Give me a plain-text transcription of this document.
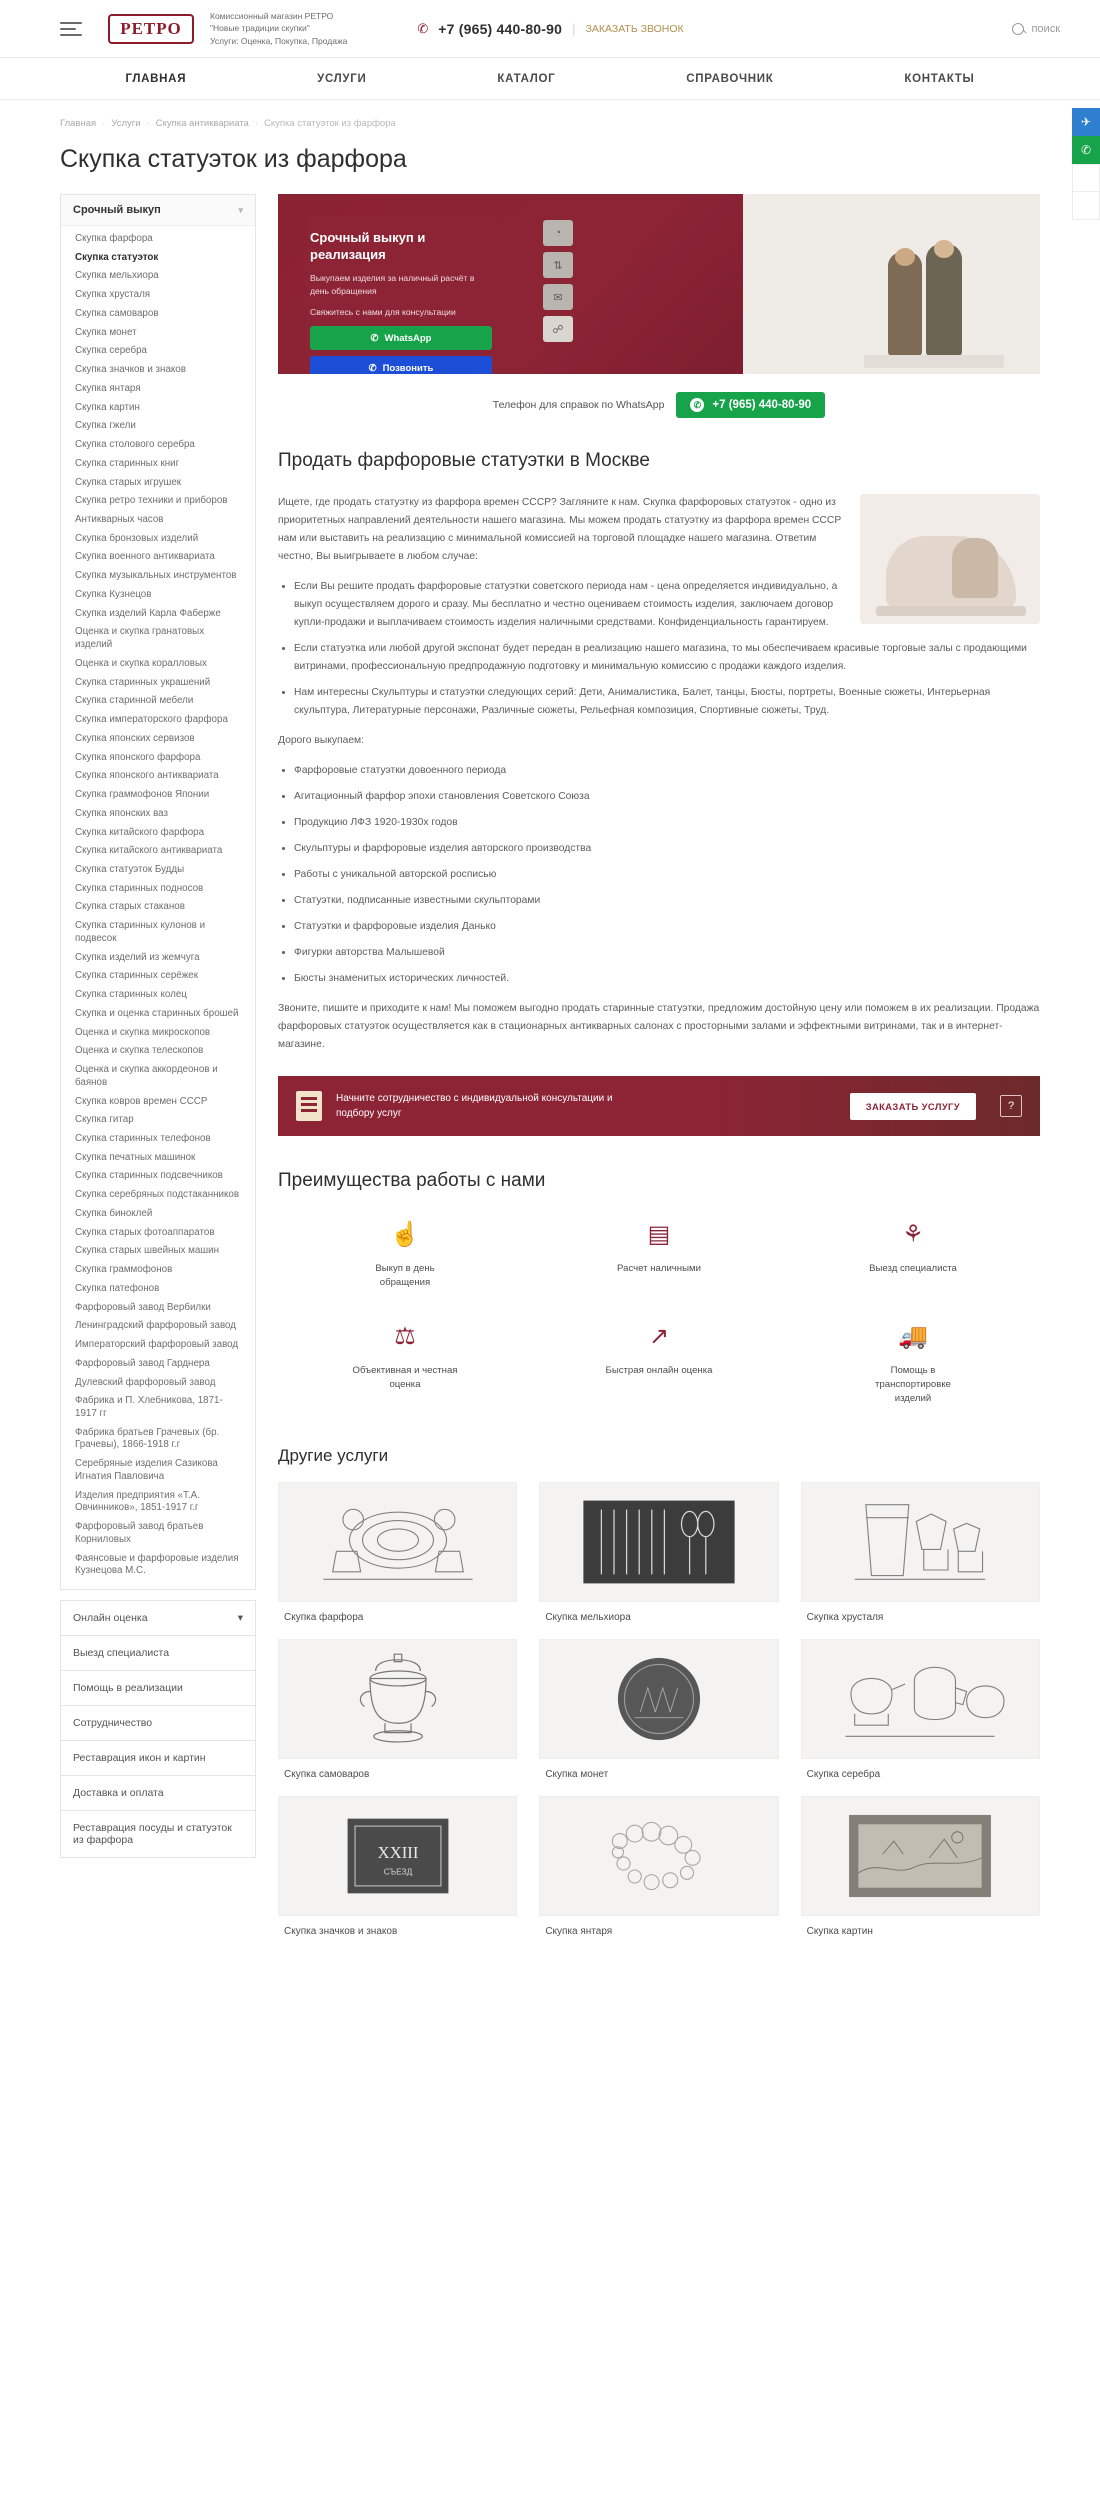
РЕТРО
Комиссионный магазин РЕТРО
"Новые традиции скупки"
Услуги: Оценка, Покупка, Продажа
✆ +7 (965) 440-80-90 | ЗАКАЗАТЬ ЗВОНОК	поиск
ГЛАВНАЯ	УСЛУГИ	КАТАЛОГ	СПРАВОЧНИК	КОНТАКТЫ
Главная · Услуги · Скупка антиквариата · Скупка статуэток из фарфора
Скупка статуэток из фарфора
Срочный выкуп	▾
Скупка фарфора
Скупка статуэток
Скупка мельхиора
Скупка хрусталя
Скупка самоваров
Скупка монет
Скупка серебра
Скупка значков и знаков
Скупка янтаря
Скупка картин
Скупка гжели
Скупка столового серебра
Скупка старинных книг
Скупка старых игрушек
Скупка ретро техники и приборов
Антикварных часов
Скупка бронзовых изделий
Скупка военного антиквариата
Скупка музыкальных инструментов
Скупка Кузнецов
Скупка изделий Карла Фаберже
Оценка и скупка гранатовых изделий
Оценка и скупка коралловых
Скупка старинных украшений
Скупка старинной мебели
Скупка императорского фарфора
Скупка японских сервизов
Скупка японского фарфора
Скупка японского антиквариата
Скупка граммофонов Японии
Скупка японских ваз
Скупка китайского фарфора
Скупка китайского антиквариата
Скупка статуэток Будды
Скупка старинных подносов
Скупка старых стаканов
Скупка старинных кулонов и подвесок
Скупка изделий из жемчуга
Скупка старинных серёжек
Скупка старинных колец
Скупка и оценка старинных брошей
Оценка и скупка микроскопов
Оценка и скупка телескопов
Оценка и скупка аккордеонов и баянов
Скупка ковров времен СССР
Скупка гитар
Скупка старинных телефонов
Скупка печатных машинок
Скупка старинных подсвечников
Скупка серебряных подстаканников
Скупка биноклей
Скупка старых фотоаппаратов
Скупка старых швейных машин
Скупка граммофонов
Скупка патефонов
Фарфоровый завод Вербилки
Ленинградский фарфоровый завод
Императорский фарфоровый завод
Фарфоровый завод Гарднера
Дулевский фарфоровый завод
Фабрика и П. Хлебникова, 1871-1917 гг
Фабрика братьев Грачевых (бр. Грачевы), 1866-1918 г.г
Серебряные изделия Сазикова Игнатия Павловича
Изделия предприятия «Т.А. Овчинников», 1851-1917 г.г
Фарфоровый завод братьев Корниловых
Фаянсовые и фарфоровые изделия Кузнецова М.С.
Онлайн оценка	▾
Выезд специалиста
Помощь в реализации
Сотрудничество
Реставрация икон и картин
Доставка и оплата
Реставрация посуды и статуэток из фарфора
Срочный выкуп и реализация

Выкупаем изделия за наличный расчёт в день обращения

Свяжитесь с нами для консультации

✆ WhatsApp
✆ Позвонить
◔
⇅
✉
☍
Телефон для справок по WhatsApp	✆ +7 (965) 440-80-90
Продать фарфоровые статуэтки в Москве

Ищете, где продать статуэтку из фарфора времен СССР? Загляните к нам. Скупка фарфоровых статуэток - одно из приоритетных направлений деятельности нашего магазина. Мы можем продать статуэтку из фарфора времен СССР нам или выставить на реализацию с минимальной комиссией на торговой площадке нашего магазина. Ответим честно, Вы выигрываете в любом случае:

• Если Вы решите продать фарфоровые статуэтки советского периода нам - цена определяется индивидуально, а выкуп осуществляем дорого и сразу. Мы бесплатно и честно оцениваем стоимость изделия, заключаем договор купли-продажи и выплачиваем стоимость изделия наличными средствами. Конфиденциальность гарантируем.
• Если статуэтка или любой другой экспонат будет передан в реализацию нашего магазина, то мы обеспечиваем красивые торговые залы с продающими витринами, профессиональную предпродажную подготовку и минимальную комиссию с продажи каждого изделия.
• Нам интересны Скульптуры и статуэтки следующих серий: Дети, Анималистика, Балет, танцы, Бюсты, портреты, Военные сюжеты, Интерьерная скульптура, Литературные персонажи, Различные сюжеты, Рельефная композиция, Спортивные сюжеты, Труд.

Дорого выкупаем:

• Фарфоровые статуэтки довоенного периода
• Агитационный фарфор эпохи становления Советского Союза
• Продукцию ЛФЗ 1920-1930х годов
• Скульптуры и фарфоровые изделия авторского производства
• Работы с уникальной авторской росписью
• Статуэтки, подписанные известными скульпторами
• Статуэтки и фарфоровые изделия Данько
• Фигурки авторства Малышевой
• Бюсты знаменитых исторических личностей.

Звоните, пишите и приходите к нам! Мы поможем выгодно продать старинные статуэтки, предложим достойную цену или поможем в их реализации. Продажа фарфоровых статуэток осуществляется как в стационарных антикварных салонах с просторными залами и эффектными витринами, так и в интернет-магазине.

Начните сотрудничество с индивидуальной консультации и подбору услуг
ЗАКАЗАТЬ УСЛУГУ	?
Преимущества работы с нами
☝
Выкуп в день обращения
▤
Расчет наличными
⚘
Выезд специалиста
⚖
Объективная и честная оценка
↗
Быстрая онлайн оценка
🚚
Помощь в транспортировке изделий
Другие услуги
Скупка фарфора	Скупка мельхиора	Скупка хрусталя
Скупка самоваров	Скупка монет	Скупка серебра
XXIII
СЪЕЗД
Скупка значков и знаков	Скупка янтаря	Скупка картин
✈
✆
✉
⚲
